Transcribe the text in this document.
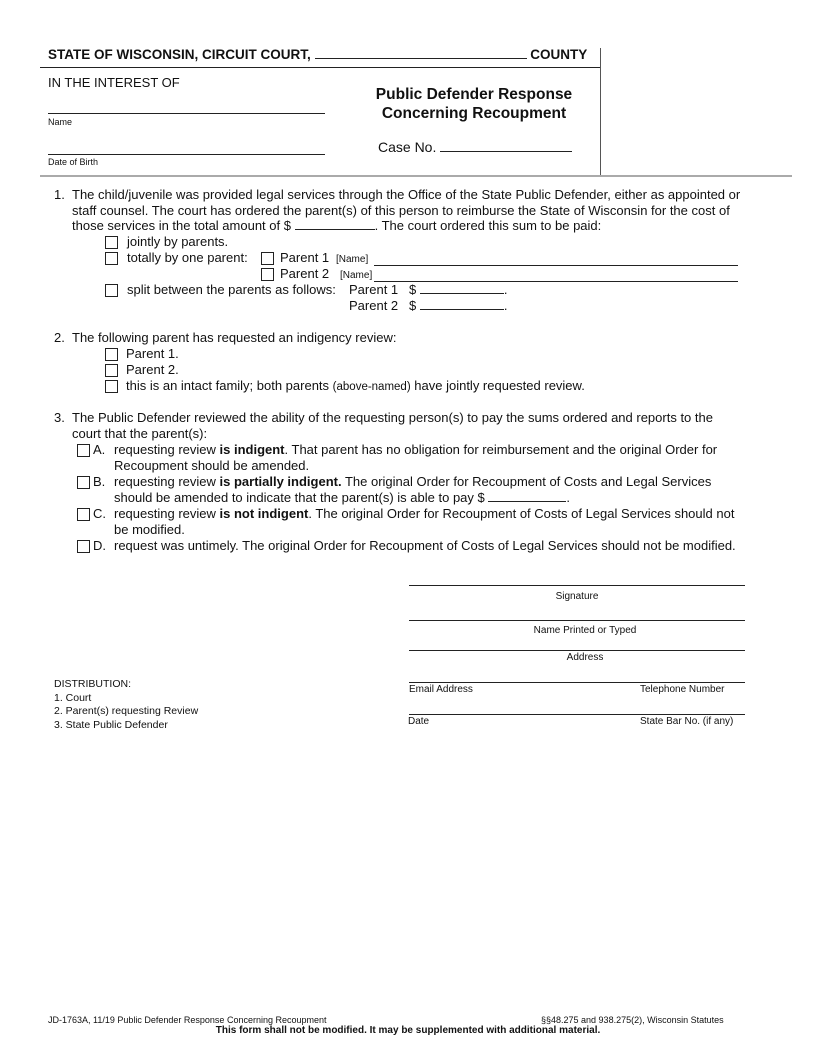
STATE OF WISCONSIN, CIRCUIT COURT,	COUNTY
IN THE INTEREST OF
Name
Date of Birth
Public Defender Response
Concerning Recoupment
Case No.
1. The child/juvenile was provided legal services through the Office of the State Public Defender, either as appointed or
staff counsel. The court has ordered the parent(s) of this person to reimburse the State of Wisconsin for the cost of
those services in the total amount of $	. The court ordered this sum to be paid:
jointly by parents.
totally by one parent: Parent 1 [Name]
Parent 2 [Name]
split between the parents as follows: Parent 1 $	.
Parent 2 $	.
2. The following parent has requested an indigency review:
Parent 1.
Parent 2.
this is an intact family; both parents (above-named) have jointly requested review.
3. The Public Defender reviewed the ability of the requesting person(s) to pay the sums ordered and reports to the
court that the parent(s):
A. requesting review is indigent. That parent has no obligation for reimbursement and the original Order for
Recoupment should be amended.
B. requesting review is partially indigent. The original Order for Recoupment of Costs and Legal Services
should be amended to indicate that the parent(s) is able to pay $	.
C. requesting review is not indigent. The original Order for Recoupment of Costs of Legal Services should not
be modified.
D. request was untimely. The original Order for Recoupment of Costs of Legal Services should not be modified.
Signature
Name Printed or Typed
Address
Email Address	Telephone Number
Date	State Bar No. (if any)
DISTRIBUTION:
1. Court
2. Parent(s) requesting Review
3. State Public Defender
JD-1763A, 11/19 Public Defender Response Concerning Recoupment	§§48.275 and 938.275(2), Wisconsin Statutes
This form shall not be modified. It may be supplemented with additional material.
